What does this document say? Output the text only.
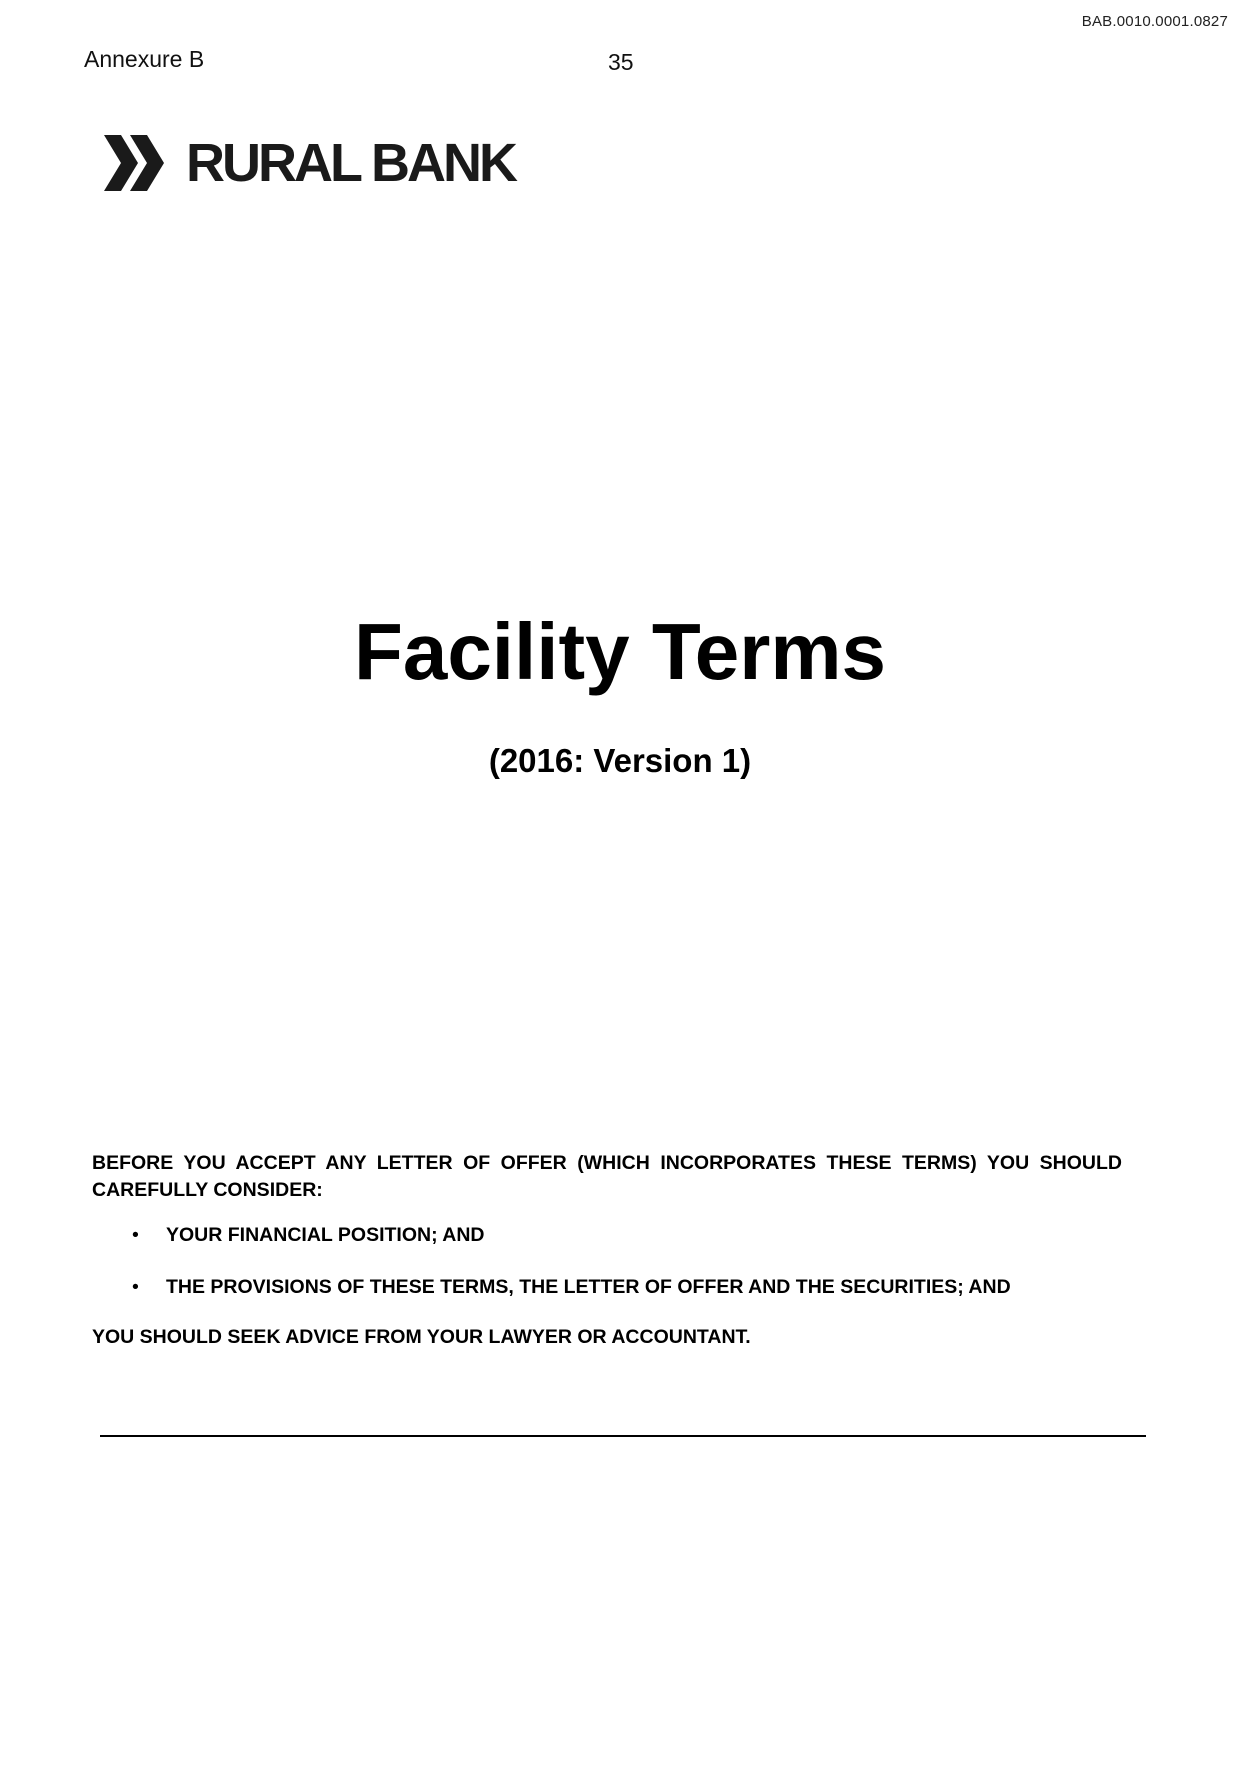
BAB.0010.0001.0827
Annexure B	35
RURAL BANK
Facility Terms
(2016: Version 1)
BEFORE YOU ACCEPT ANY LETTER OF OFFER (WHICH INCORPORATES THESE TERMS) YOU SHOULD CAREFULLY CONSIDER:
• YOUR FINANCIAL POSITION; AND
• THE PROVISIONS OF THESE TERMS, THE LETTER OF OFFER AND THE SECURITIES; AND
YOU SHOULD SEEK ADVICE FROM YOUR LAWYER OR ACCOUNTANT.
